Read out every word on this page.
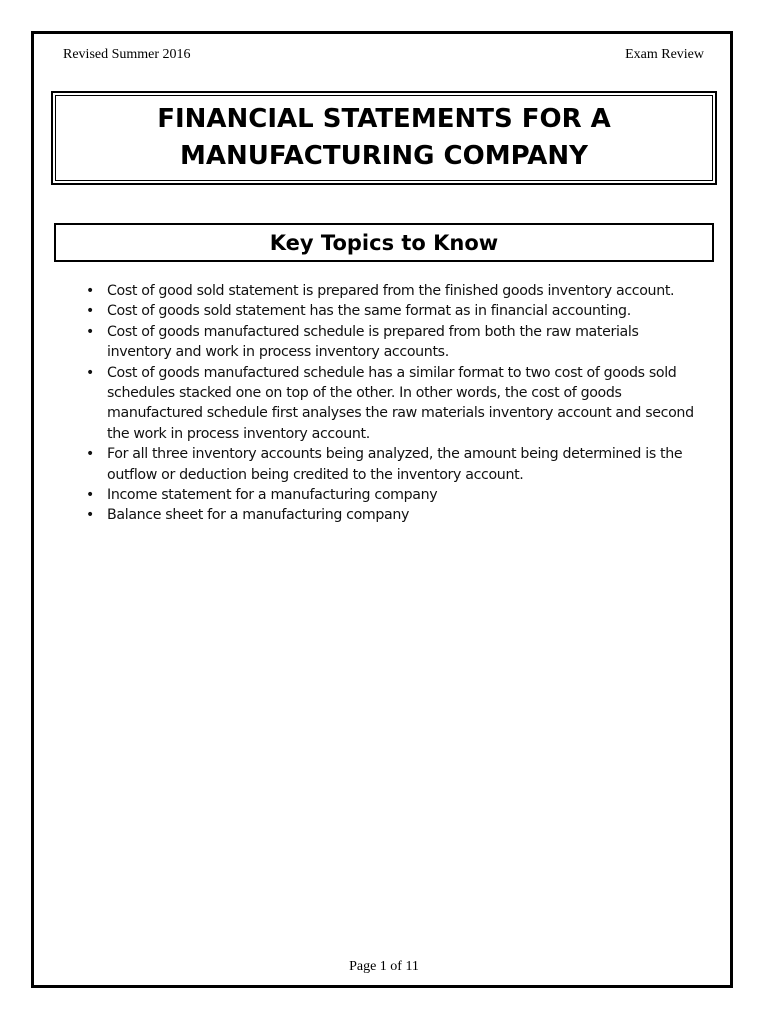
Revised Summer 2016	Exam Review
FINANCIAL STATEMENTS FOR A
MANUFACTURING COMPANY
Key Topics to Know
• Cost of good sold statement is prepared from the finished goods inventory account.
• Cost of goods sold statement has the same format as in financial accounting.
• Cost of goods manufactured schedule is prepared from both the raw materials inventory and work in process inventory accounts.
• Cost of goods manufactured schedule has a similar format to two cost of goods sold schedules stacked one on top of the other. In other words, the cost of goods manufactured schedule first analyses the raw materials inventory account and second the work in process inventory account.
• For all three inventory accounts being analyzed, the amount being determined is the outflow or deduction being credited to the inventory account.
• Income statement for a manufacturing company
• Balance sheet for a manufacturing company
Page 1 of 11
